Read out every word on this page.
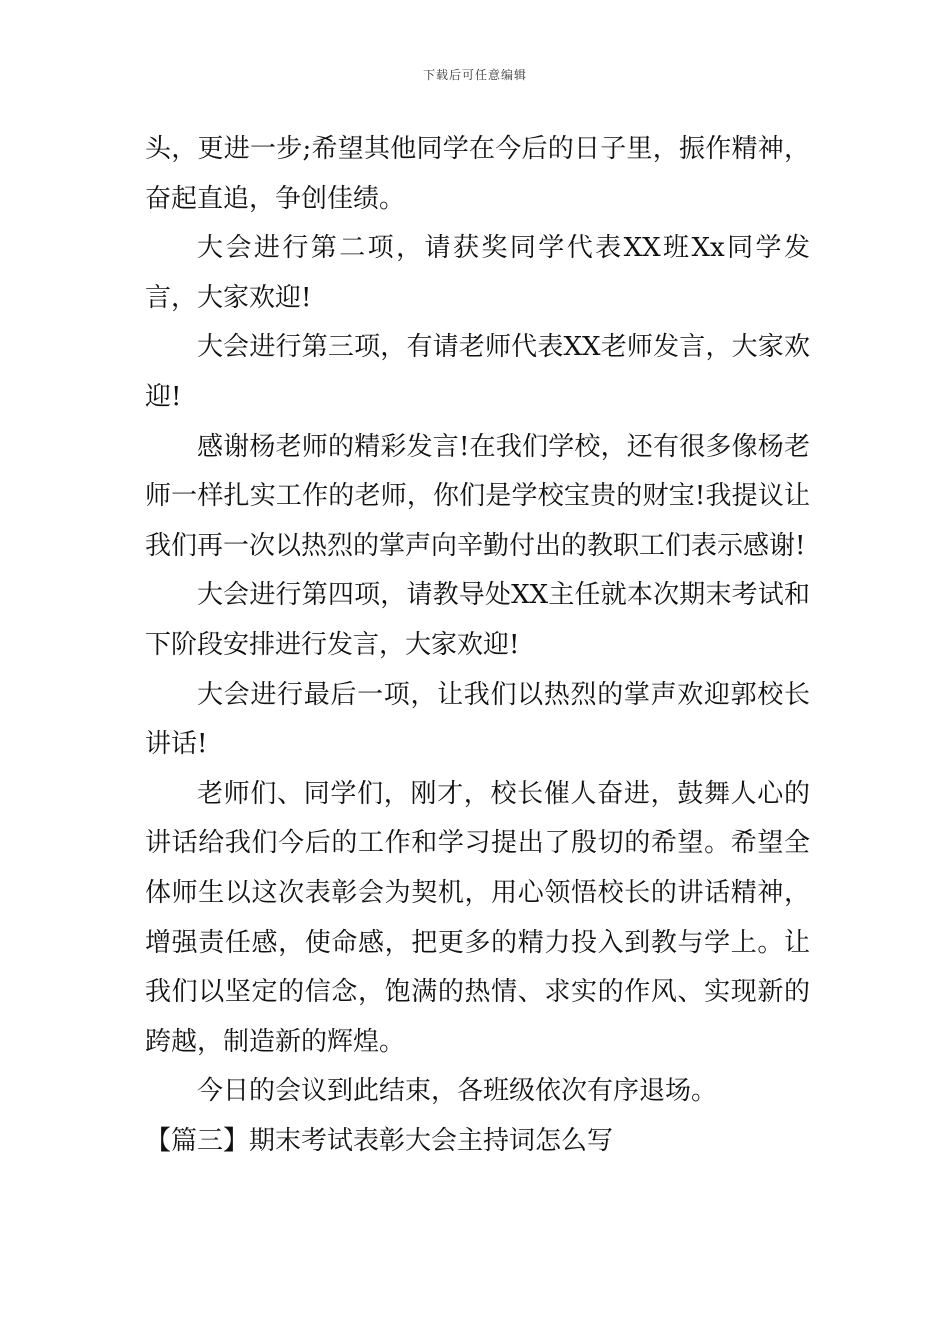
下载后可任意编辑

头，更进一步;希望其他同学在今后的日子里，振作精神，奋起直追，争创佳绩。

大会进行第二项，请获奖同学代表XX班Xx同学发言，大家欢迎!

大会进行第三项，有请老师代表XX老师发言，大家欢迎!

感谢杨老师的精彩发言!在我们学校，还有很多像杨老师一样扎实工作的老师，你们是学校宝贵的财宝!我提议让我们再一次以热烈的掌声向辛勤付出的教职工们表示感谢!

大会进行第四项，请教导处XX主任就本次期末考试和下阶段安排进行发言，大家欢迎!

大会进行最后一项，让我们以热烈的掌声欢迎郭校长讲话!

老师们、同学们，刚才，校长催人奋进，鼓舞人心的讲话给我们今后的工作和学习提出了殷切的希望。希望全体师生以这次表彰会为契机，用心领悟校长的讲话精神，增强责任感，使命感，把更多的精力投入到教与学上。让我们以坚定的信念，饱满的热情、求实的作风、实现新的跨越，制造新的辉煌。

今日的会议到此结束，各班级依次有序退场。

【篇三】期末考试表彰大会主持词怎么写
